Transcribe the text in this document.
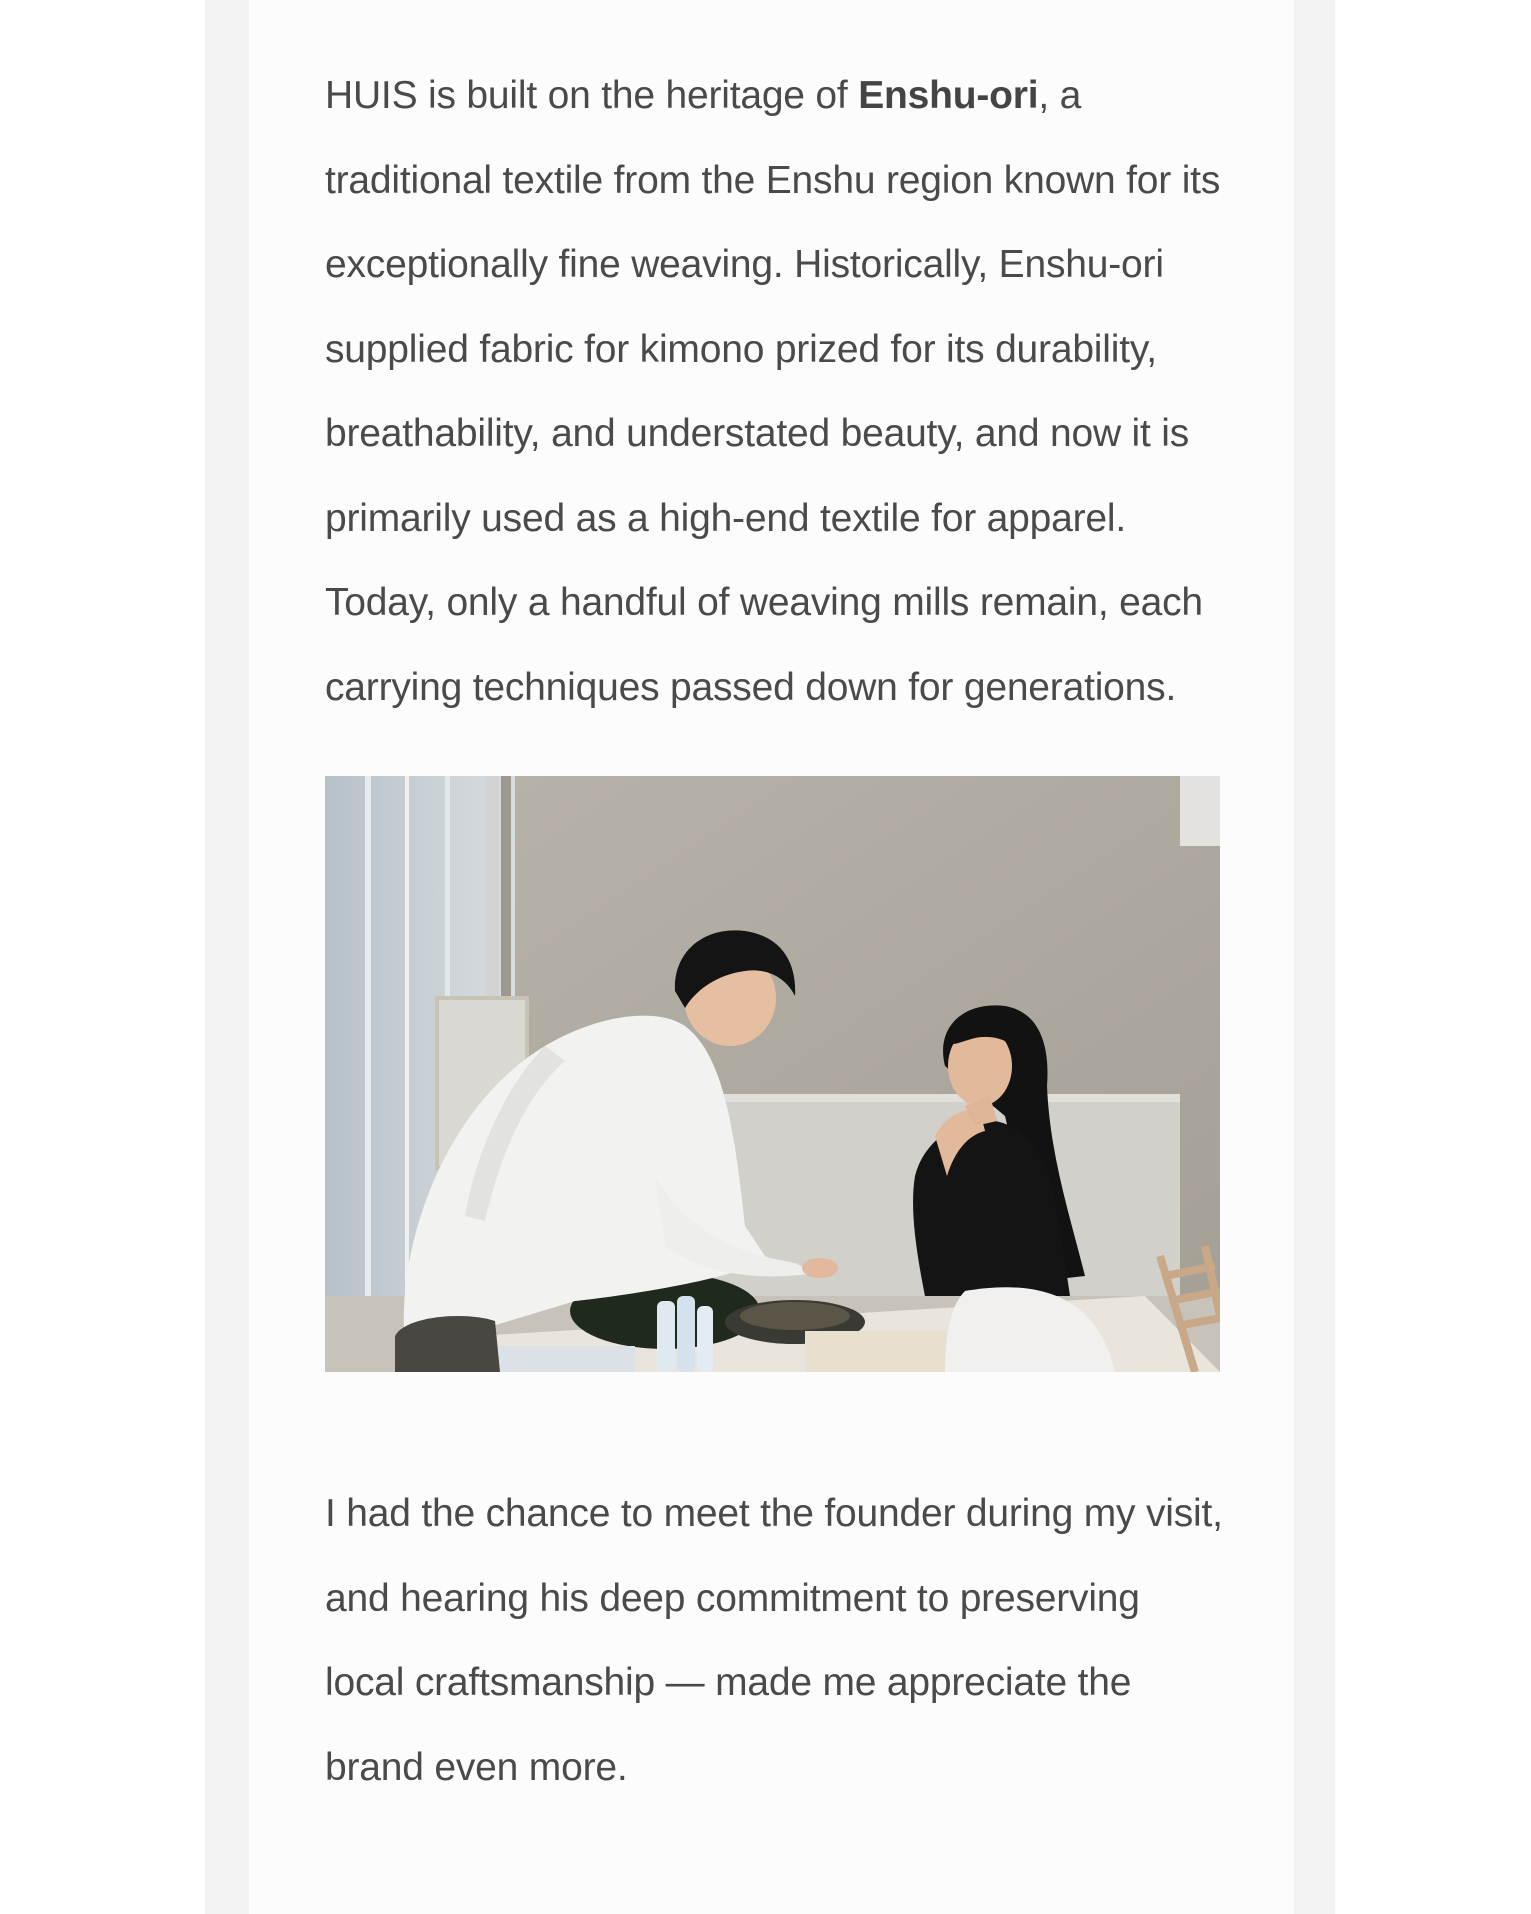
HUIS is built on the heritage of Enshu-ori, a traditional textile from the Enshu region known for its exceptionally fine weaving. Historically, Enshu-ori supplied fabric for kimono prized for its durability, breathability, and understated beauty, and now it is primarily used as a high-end textile for apparel. Today, only a handful of weaving mills remain, each carrying techniques passed down for generations.

I had the chance to meet the founder during my visit, and hearing his deep commitment to preserving local craftsmanship — made me appreciate the brand even more.
